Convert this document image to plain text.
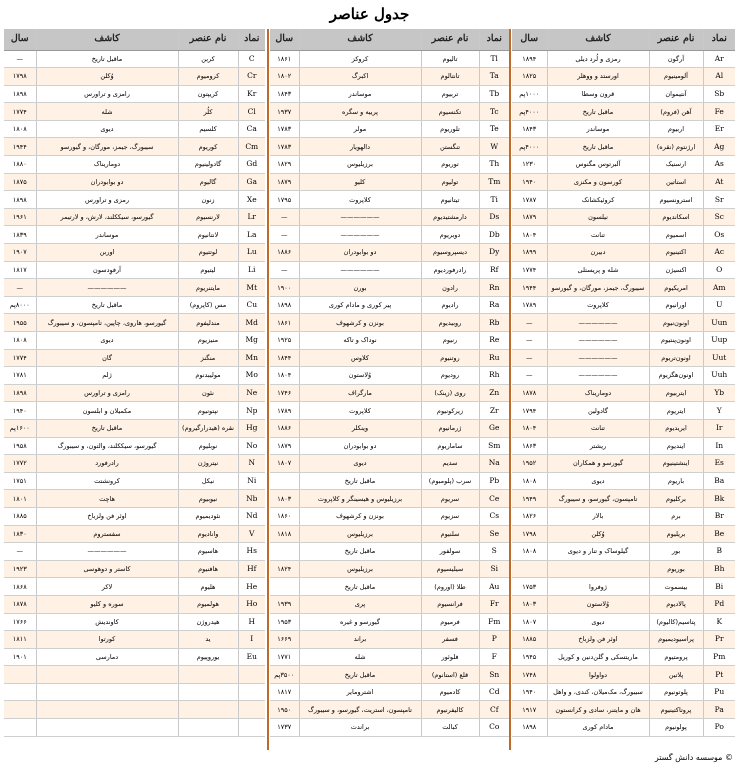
جدول عناصر
نماد	نام عنصر	کاشف	سال
Ar	آرگون	رمزی و لُرد دیلی	۱۸۹۴
Al	آلومینیوم	اورستد و ووهلر	۱۸۲۵
Sb	آنتیموان	قرون وسطا	۱۰۰۰پم
Fe	آهن (فروم)	ماقبل تاریخ	۴۰۰۰پم
Er	اربیوم	موساندر	۱۸۴۳
Ag	ارژنتوم (نقره)	ماقبل تاریخ	۴۰۰۰پم
As	ارسنیک	آلبرتوس مگنوس	۱۲۳۰
At	استاتین	کورسون و مکنزی	۱۹۴۰
Sr	استرونسیوم	کروئیکشانک	۱۷۸۷
Sc	اسکاندیوم	نیلسون	۱۸۷۹
Os	اسمیوم	تنانت	۱۸۰۴
Ac	اکتینیوم	دبیرن	۱۸۹۹
O	اکسیژن	شله و پریستلی	۱۷۷۴
Am	امریکیوم	سیبورگ، جیمز، مورگان، و گیورسو	۱۹۴۴
U	اورانیوم	کلاپروت	۱۷۸۹
Uun	اونون‌نیوم	——————	—
Uup	اونون‌پنتیوم	——————	—
Uut	اونون‌تریوم	——————	—
Uuh	اونون‌هگزیوم	——————	—
Yb	ایتربیوم	دوماریناک	۱۸۷۸
Y	ایتریوم	گادولین	۱۷۹۴
Ir	ایریدیوم	تنانت	۱۸۰۴
In	ایندیوم	ریشتر	۱۸۶۳
Es	اینشتینیوم	گیورسو و همکاران	۱۹۵۲
Ba	باریوم	دیوی	۱۸۰۸
Bk	برکلیوم	تامپسون، گیورسو، و سیبورگ	۱۹۴۹
Br	برم	بالار	۱۸۲۶
Be	بریلیوم	وُکلن	۱۷۹۸
B	بور	گیلوساک و تنار و دیوی	۱۸۰۸
Bh	بوریوم		
Bi	بیسموت	ژوفروا	۱۷۵۳
Pd	پالادیوم	وُلاستون	۱۸۰۳
K	پتاسیم(کالیوم)	دیوی	۱۸۰۷
Pr	پراسیودیمیوم	اوئر فن ولزباخ	۱۸۸۵
Pm	پرومتیوم	ماریتسکی و گلن‌دنین و کوریل	۱۹۴۵
Pt	پلاتین	دواولوا	۱۷۴۸
Pu	پلوتونیوم	سیبورگ، مک‌میلان، کندی، و واهل	۱۹۴۰
Pa	پروتاکتینیوم	هان و مایتنر، سادی و کرانستون	۱۹۱۷
Po	پولونیوم	مادام کوری	۱۸۹۸
نماد	نام عنصر	کاشف	سال
Tl	تالیوم	کروکز	۱۸۶۱
Ta	تانتالوم	اکبرگ	۱۸۰۲
Tb	تربیوم	موساندر	۱۸۴۳
Tc	تکنسیوم	پرییه و سگره	۱۹۳۷
Te	تلوریوم	مولر	۱۷۸۳
W	تنگستن	دالهویار	۱۷۸۳
Th	توریوم	برزیلیوس	۱۸۲۹
Tm	تولیوم	کلیو	۱۸۷۹
Ti	تیتانیوم	کلاپروت	۱۷۹۵
Ds	دارمشتیدیوم	——————	—
Db	دوبریوم	——————	—
Dy	دیسپروسیوم	دو بوابودران	۱۸۸۶
Rf	رادرفوردیوم	——————	—
Rn	رادون	بورن	۱۹۰۰
Ra	رادیوم	پیر کوری و مادام کوری	۱۸۹۸
Rb	روبیدیوم	بونزن و کرشهوف	۱۸۶۱
Re	رنیوم	نوداک و تاکه	۱۹۲۵
Ru	روتنیوم	کلاوس	۱۸۴۴
Rh	رودیوم	وُلاستون	۱۸۰۴
Zn	روی (زینک)	مارگراف	۱۷۴۶
Zr	زیرکونیوم	کلاپروت	۱۷۸۹
Ge	ژرمانیوم	وینکلر	۱۸۸۶
Sm	ساماریوم	دو بوابودران	۱۸۷۹
Na	سدیم	دیوی	۱۸۰۷
Pb	سرب (پلومبوم)	ماقبل تاریخ	
Ce	سریوم	برزیلیوس و هیسینگر و کلاپروت	۱۸۰۳
Cs	سزیوم	بونزن و کرشهوف	۱۸۶۰
Se	سلنیوم	برزیلیوس	۱۸۱۸
S	سولفور	ماقبل تاریخ	
Si	سیلیسیوم	برزیلیوس	۱۸۲۴
Au	طلا (اوروم)	ماقبل تاریخ	
Fr	فرانسیوم	پری	۱۹۳۹
Fm	فرمیوم	گیورسو و غیره	۱۹۵۳
P	فسفر	براند	۱۶۶۹
F	فلوئور	شله	۱۷۷۱
Sn	قلع (استانوم)	ماقبل تاریخ	۳۵۰۰پم
Cd	کادمیوم	اشترومایر	۱۸۱۷
Cf	کالیفرنیوم	تامپسون، استریت، گیورسو، و سیبورگ	۱۹۵۰
Co	کبالت	براندت	۱۷۳۷
نماد	نام عنصر	کاشف	سال
C	کربن	ماقبل تاریخ	—
Cr	کرومیوم	وُکلن	۱۷۹۸
Kr	کریپتون	رامزی و تراورس	۱۸۹۸
Cl	کلُر	شله	۱۷۷۴
Ca	کلسیم	دیوی	۱۸۰۸
Cm	کوریوم	سیبورگ، جیمز، مورگان، و گیورسو	۱۹۴۴
Gd	گادولینیوم	دوماریناک	۱۸۸۰
Ga	گالیوم	دو بوابودران	۱۸۷۵
Xe	زنون	رمزی و تراورس	۱۸۹۸
Lr	لارنسیوم	گیورسو، سیککلند، لارش، و لارتیمر	۱۹۶۱
La	لانتانیوم	موساندر	۱۸۳۹
Lu	لوتتیوم	اوربن	۱۹۰۷
Li	لیتیوم	آرفوِدسون	۱۸۱۷
Mt	مایتنریوم	——————	—
Cu	مس (کاپروم)	ماقبل تاریخ	۸۰۰۰پم
Md	مندلیفوم	گیورسو، هاروی، چاپین، تامپسون، و سیبورگ	۱۹۵۵
Mg	منیزیوم	دیوی	۱۸۰۸
Mn	منگنز	گان	۱۷۷۴
Mo	مولیبدنوم	ژلم	۱۷۸۱
Ne	نئون	رامزی و تراورس	۱۸۹۸
Np	نپتونیوم	مکمیلان و ابلسون	۱۹۴۰
Hg	نقره (هیدرارگیروم)	ماقبل تاریخ	۱۶۰۰پم
No	نوبلیوم	گیورسو، سیککلند، والتون، و سیبورگ	۱۹۵۸
N	نیتروژن	رادرفورد	۱۷۷۲
Ni	نیکل	کرونشتت	۱۷۵۱
Nb	نیوبیوم	هاچت	۱۸۰۱
Nd	نئودیمیوم	اوئر فن ولزباخ	۱۸۸۵
V	واناديوم	سفستروم	۱۸۳۰
Hs	هاسیوم	——————	—
Hf	هافنیوم	کاستر و دوهوسی	۱۹۲۳
He	هلیوم	لاکر	۱۸۶۸
Ho	هولمیوم	سوره و کلیو	۱۸۷۸
H	هیدروژن	کاوندیش	۱۷۶۶
I	ید	کورتوا	۱۸۱۱
Eu	یوروپیوم	دمارسی	۱۹۰۱

© موسسه دانش گستر
